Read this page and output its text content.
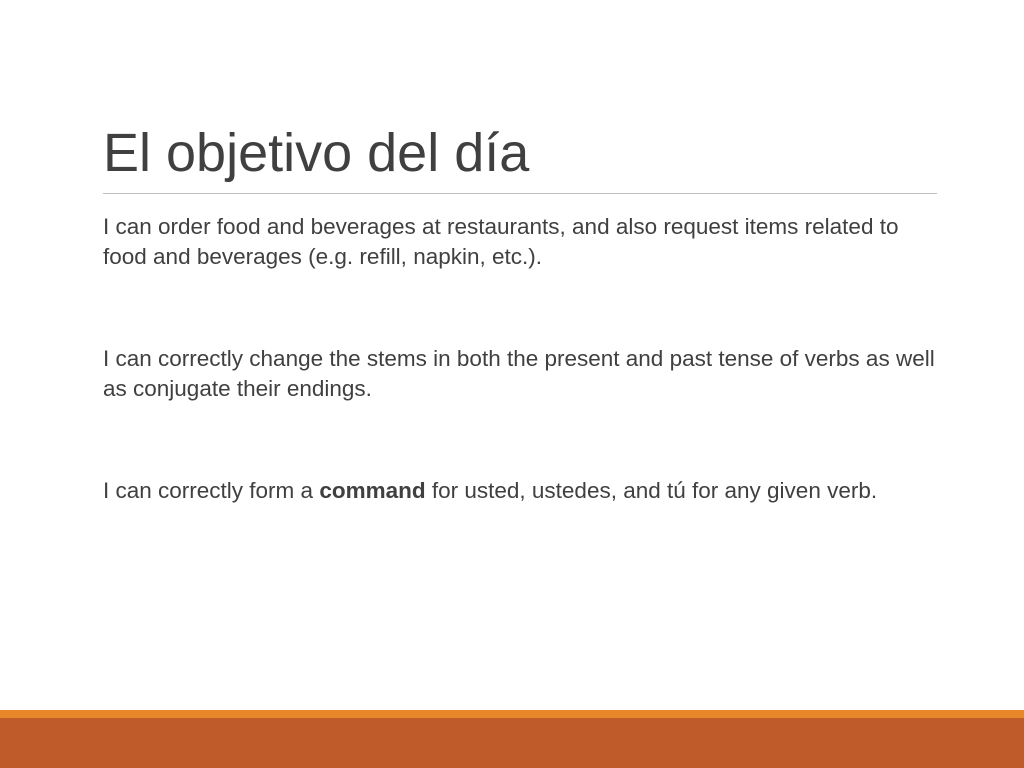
El objetivo del día

I can order food and beverages at restaurants, and also request items related to food and beverages (e.g. refill, napkin, etc.).

I can correctly change the stems in both the present and past tense of verbs as well as conjugate their endings.

I can correctly form a command for usted, ustedes, and tú for any given verb.
